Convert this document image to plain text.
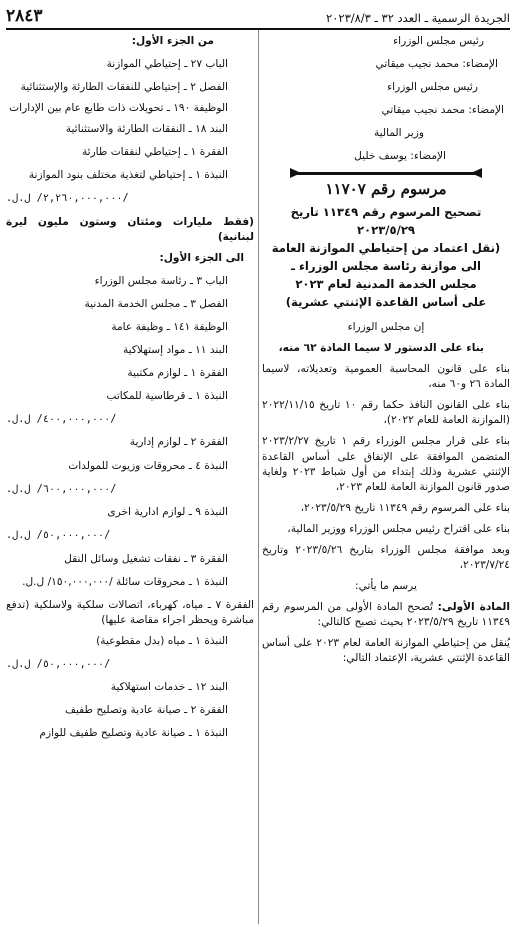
الجريدة الرسمية ـ العدد ٣٢ ـ ٢٠٢٣/٨/٣
٢٨٤٣
رئيس مجلس الوزراء
الإمضاء: محمد نجيب ميقاتي
رئيس مجلس الوزراء
الإمضاء: محمد نجيب ميقاتي
وزير المالية
الإمضاء: يوسف خليل
مرسوم رقم ١١٧٠٧
تصحيح المرسوم رقم ١١٣٤٩ تاريخ ٢٠٢٣/٥/٢٩
(نقل اعتماد من إحتياطي الموازنة العامة
الى موازنة رئاسة مجلس الوزراء ـ
مجلس الخدمة المدنية لعام ٢٠٢٣
على أساس القاعدة الإثنتي عشرية)
إن مجلس الوزراء
بناء على الدستور لا سيما المادة ٦٢ منه،
بناء على قانون المحاسبة العمومية وتعديلاته، لاسيما المادة ٢٦ و٦٠ منه،
بناء على القانون النافذ حكما رقم ١٠ تاريخ ٢٠٢٢/١١/١٥ (الموازنة العامة للعام ٢٠٢٢)،
بناء على قرار مجلس الوزراء رقم ١ تاريخ ٢٠٢٣/٢/٢٧ المتضمن الموافقة على الإنفاق على أساس القاعدة الإثنتي عشرية وذلك إبتداء من أول شباط ٢٠٢٣ ولغاية صدور قانون الموازنة العامة للعام ٢٠٢٣،
بناء على المرسوم رقم ١١٣٤٩ تاريخ ٢٠٢٣/٥/٢٩،
بناء على اقتراح رئيس مجلس الوزراء ووزير المالية،
وبعد موافقة مجلس الوزراء بتاريخ ٢٠٢٣/٥/٢٦ وتاريخ ٢٠٢٣/٧/٢٤،
يرسم ما يأتي:
المادة الأولى: تُصحح المادة الأولى من المرسوم رقم ١١٣٤٩ تاريخ ٢٠٢٣/٥/٢٩ بحيث تصبح كالتالي:
يُنقل من إحتياطي الموازنة العامة لعام ٢٠٢٣ على أساس القاعدة الإثنتي عشرية، الإعتماد التالي:
من الجزء الأول:
الباب ٢٧ ـ إحتياطي الموازنة
الفصل ٢ ـ إحتياطي للنفقات الطارئة والإستثنائية
الوظيفة ١٩٠ ـ تحويلات ذات طابع عام بين الإدارات
البند ١٨ ـ النفقات الطارئة والاستثنائية
الفقرة ١ ـ إحتياطي لنفقات طارئة
النبذة ١ ـ إحتياطي لتغذية مختلف بنود الموازنة
/٢,٢٦٠,٠٠٠,٠٠٠/ ل.ل.
(فقط مليارات ومئتان وستون مليون ليرة لبنانية)
الى الجزء الأول:
الباب ٣ ـ رئاسة مجلس الوزراء
الفصل ٣ ـ مجلس الخدمة المدنية
الوظيفة ١٤١ ـ وظيفة عامة
البند ١١ ـ مواد إستهلاكية
الفقرة ١ ـ لوازم مكتبية
النبذة ١ ـ قرطاسية للمكاتب
/٤٠٠,٠٠٠,٠٠٠/ ل.ل.
الفقرة ٢ ـ لوازم إدارية
النبذة ٤ ـ محروقات وزيوت للمولدات
/٦٠٠,٠٠٠,٠٠٠/ ل.ل.
النبذة ٩ ـ لوازم ادارية اخرى
/٥٠,٠٠٠,٠٠٠/ ل.ل.
الفقرة ٣ ـ نفقات تشغيل وسائل النقل
النبذة ١ ـ محروقات سائلة /١٥٠,٠٠٠,٠٠٠/ ل.ل.
الفقرة ٧ ـ مياه، كهرباء، اتصالات سلكية ولاسلكية (تدفع مباشرة ويحظر اجراء مقاصة عليها)
النبذة ١ ـ مياه (بدل مقطوعية)
/٥٠,٠٠٠,٠٠٠/ ل.ل.
البند ١٢ ـ خدمات استهلاكية
الفقرة ٢ ـ صيانة عادية وتصليح طفيف
النبذة ١ ـ صيانة عادية وتصليح طفيف للوازم
